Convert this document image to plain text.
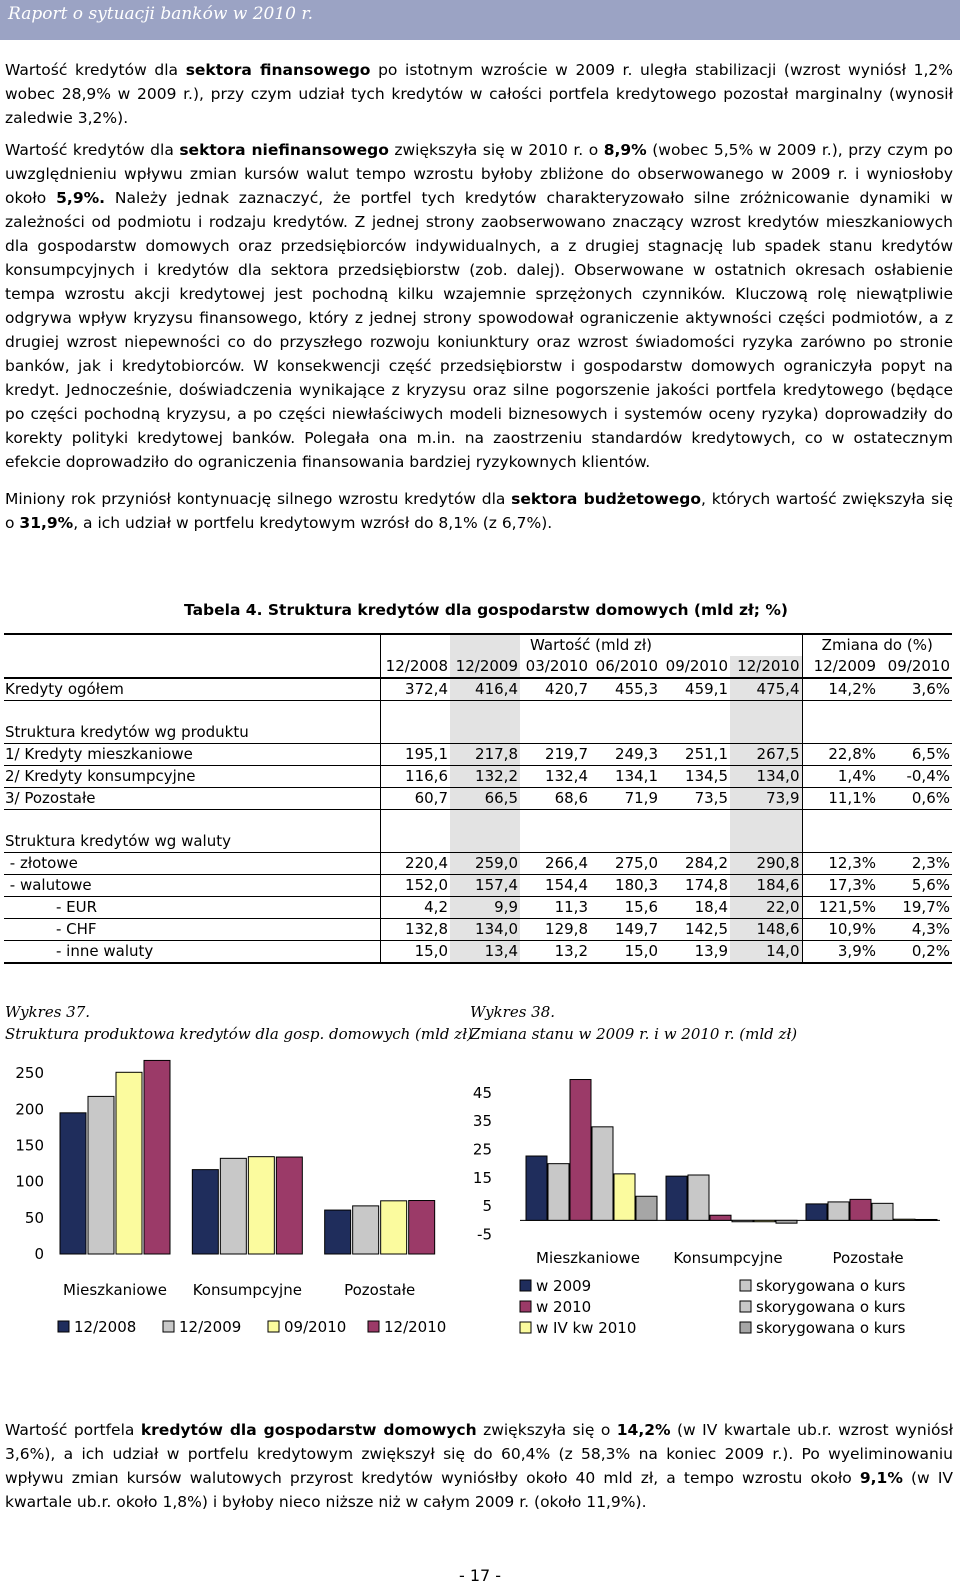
Raport o sytuacji banków w 2010 r.

Wartość kredytów dla sektora finansowego po istotnym wzroście w 2009 r. uległa stabilizacji (wzrost wyniósł 1,2% wobec 28,9% w 2009 r.), przy czym udział tych kredytów w całości portfela kredytowego pozostał marginalny (wynosił zaledwie 3,2%).

Wartość kredytów dla sektora niefinansowego zwiększyła się w 2010 r. o 8,9% (wobec 5,5% w 2009 r.), przy czym po uwzględnieniu wpływu zmian kursów walut tempo wzrostu byłoby zbliżone do obserwowanego w 2009 r. i wyniosłoby około 5,9%. Należy jednak zaznaczyć, że portfel tych kredytów charakteryzowało silne zróżnicowanie dynamiki w zależności od podmiotu i rodzaju kredytów. Z jednej strony zaobserwowano znaczący wzrost kredytów mieszkaniowych dla gospodarstw domowych oraz przedsiębiorców indywidualnych, a z drugiej stagnację lub spadek stanu kredytów konsumpcyjnych i kredytów dla sektora przedsiębiorstw (zob. dalej). Obserwowane w ostatnich okresach osłabienie tempa wzrostu akcji kredytowej jest pochodną kilku wzajemnie sprzężonych czynników. Kluczową rolę niewątpliwie odgrywa wpływ kryzysu finansowego, który z jednej strony spowodował ograniczenie aktywności części podmiotów, a z drugiej wzrost niepewności co do przyszłego rozwoju koniunktury oraz wzrost świadomości ryzyka zarówno po stronie banków, jak i kredytobiorców. W konsekwencji część przedsiębiorstw i gospodarstw domowych ograniczyła popyt na kredyt. Jednocześnie, doświadczenia wynikające z kryzysu oraz silne pogorszenie jakości portfela kredytowego (będące po części pochodną kryzysu, a po części niewłaściwych modeli biznesowych i systemów oceny ryzyka) doprowadziły do korekty polityki kredytowej banków. Polegała ona m.in. na zaostrzeniu standardów kredytowych, co w ostatecznym efekcie doprowadziło do ograniczenia finansowania bardziej ryzykownych klientów.

Miniony rok przyniósł kontynuację silnego wzrostu kredytów dla sektora budżetowego, których wartość zwiększyła się o 31,9%, a ich udział w portfelu kredytowym wzrósł do 8,1% (z 6,7%).

Tabela 4. Struktura kredytów dla gospodarstw domowych (mld zł; %)

			Wartość (mld zł)				Zmiana do (%)	
	12/2008	12/2009	03/2010	06/2010	09/2010	12/2010	12/2009	09/2010
Kredyty ogółem	372,4	416,4	420,7	455,3	459,1	475,4	14,2%	3,6%

Struktura kredytów wg produktu								
1/ Kredyty mieszkaniowe	195,1	217,8	219,7	249,3	251,1	267,5	22,8%	6,5%
2/ Kredyty konsumpcyjne	116,6	132,2	132,4	134,1	134,5	134,0	1,4%	-0,4%
3/ Pozostałe	60,7	66,5	68,6	71,9	73,5	73,9	11,1%	0,6%

Struktura kredytów wg waluty								
- złotowe	220,4	259,0	266,4	275,0	284,2	290,8	12,3%	2,3%
- walutowe	152,0	157,4	154,4	180,3	174,8	184,6	17,3%	5,6%
- EUR	4,2	9,9	11,3	15,6	18,4	22,0	121,5%	19,7%
- CHF	132,8	134,0	129,8	149,7	142,5	148,6	10,9%	4,3%
- inne waluty	15,0	13,4	13,2	15,0	13,9	14,0	3,9%	0,2%
Wykres 37.
Struktura produktowa kredytów dla gosp. domowych (mld zł)
Wykres 38.
Zmiana stanu w 2009 r. i w 2010 r. (mld zł)
0
50
100
150
200
250
Mieszkaniowe Konsumpcyjne	Pozostałe
12/2008	12/2009	09/2010	12/2010
-5
5
15
25
35
45
Mieszkaniowe Konsumpcyjne	Pozostałe
w 2009
w 2010
w IV kw 2010
skorygowana o kurs
skorygowana o kurs
skorygowana o kurs

Wartość portfela kredytów dla gospodarstw domowych zwiększyła się o 14,2% (w IV kwartale ub.r. wzrost wyniósł 3,6%), a ich udział w portfelu kredytowym zwiększył się do 60,4% (z 58,3% na koniec 2009 r.). Po wyeliminowaniu wpływu zmian kursów walutowych przyrost kredytów wyniósłby około 40 mld zł, a tempo wzrostu około 9,1% (w IV kwartale ub.r. około 1,8%) i byłoby nieco niższe niż w całym 2009 r. (około 11,9%).

- 17 -
